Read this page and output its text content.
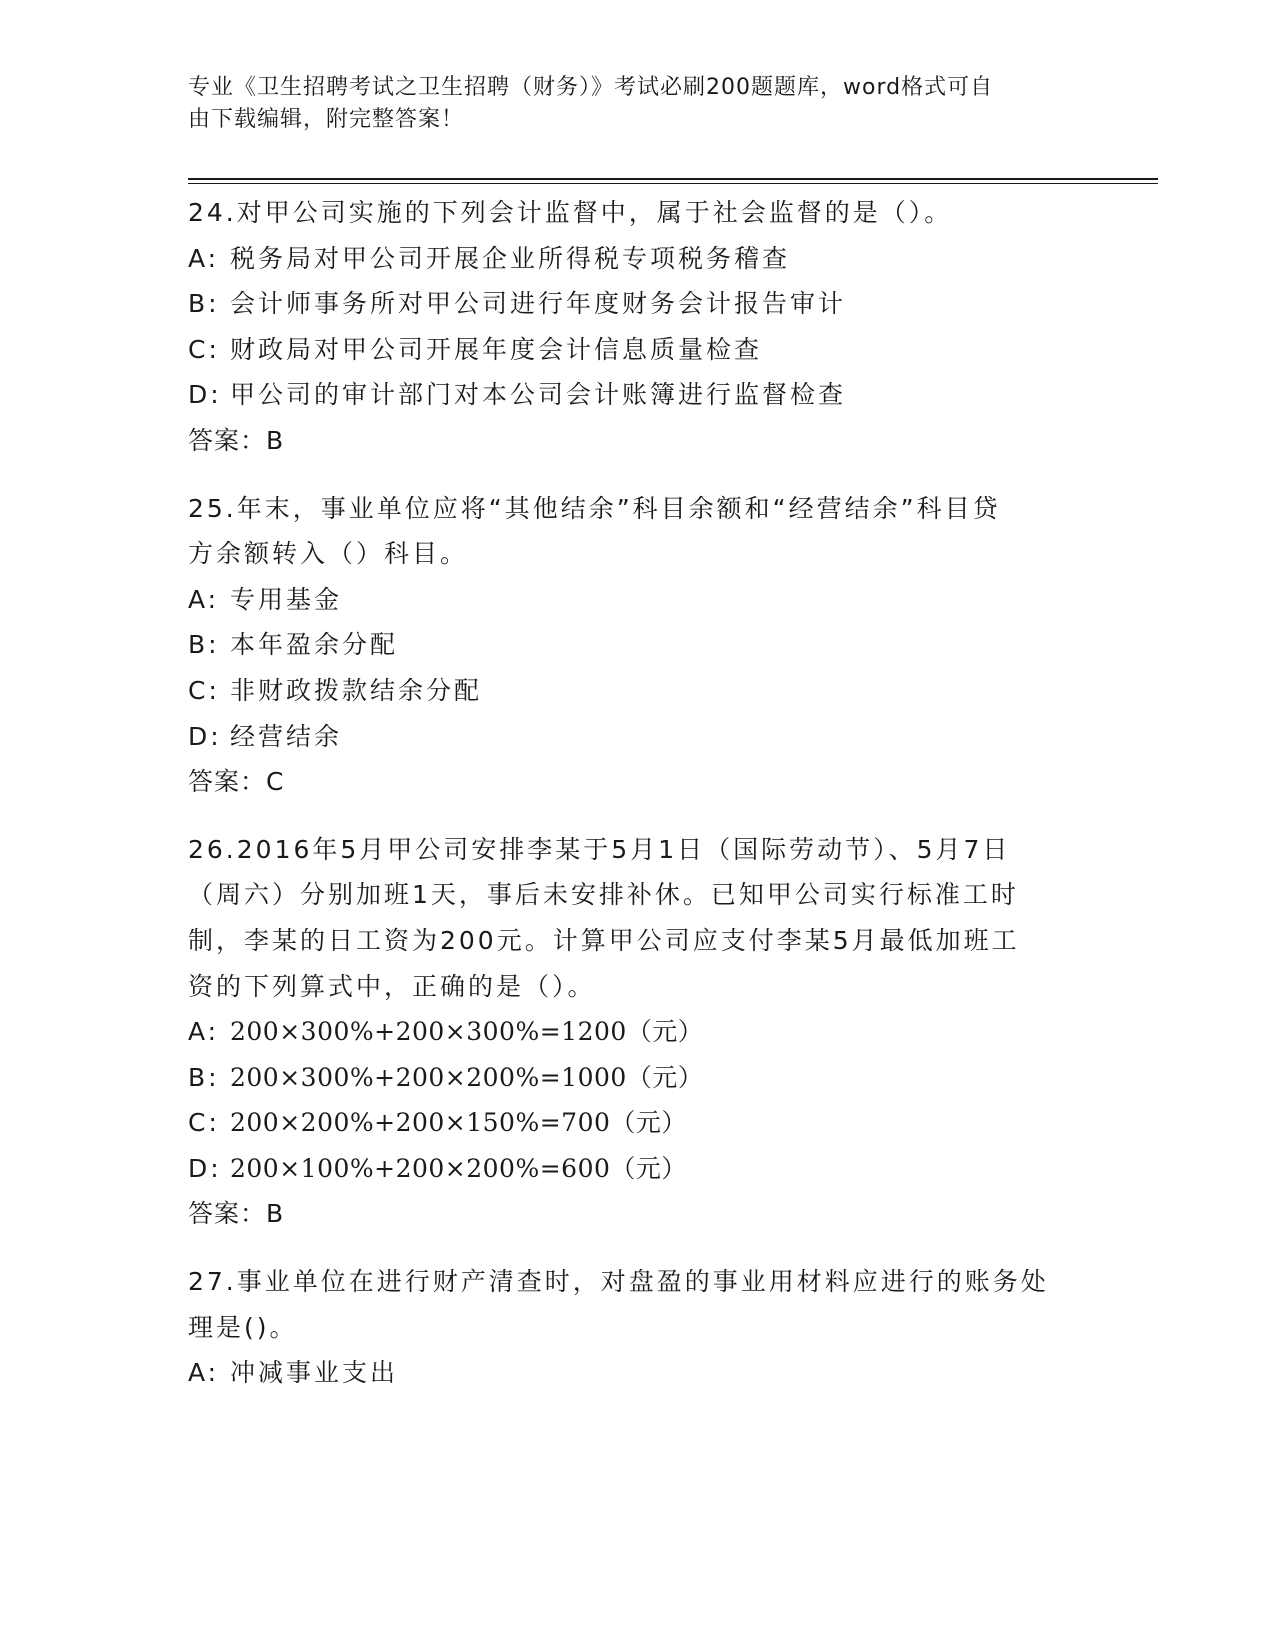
专业《卫生招聘考试之卫生招聘（财务）》考试必刷200题题库，word格式可自
由下载编辑，附完整答案！

24.对甲公司实施的下列会计监督中，属于社会监督的是（）。

A: 税务局对甲公司开展企业所得税专项税务稽查

B: 会计师事务所对甲公司进行年度财务会计报告审计

C: 财政局对甲公司开展年度会计信息质量检查

D: 甲公司的审计部门对本公司会计账簿进行监督检查

答案：B

25.年末，事业单位应将“其他结余”科目余额和“经营结余”科目贷

方余额转入（）科目。

A: 专用基金

B: 本年盈余分配

C: 非财政拨款结余分配

D: 经营结余

答案：C

26.2016年5月甲公司安排李某于5月1日（国际劳动节）、5月7日

（周六）分别加班1天，事后未安排补休。已知甲公司实行标准工时

制，李某的日工资为200元。计算甲公司应支付李某5月最低加班工

资的下列算式中，正确的是（）。

A: 200×300%+200×300%=1200（元）

B: 200×300%+200×200%=1000（元）

C: 200×200%+200×150%=700（元）

D: 200×100%+200×200%=600（元）

答案：B

27.事业单位在进行财产清查时，对盘盈的事业用材料应进行的账务处

理是()。

A: 冲减事业支出
